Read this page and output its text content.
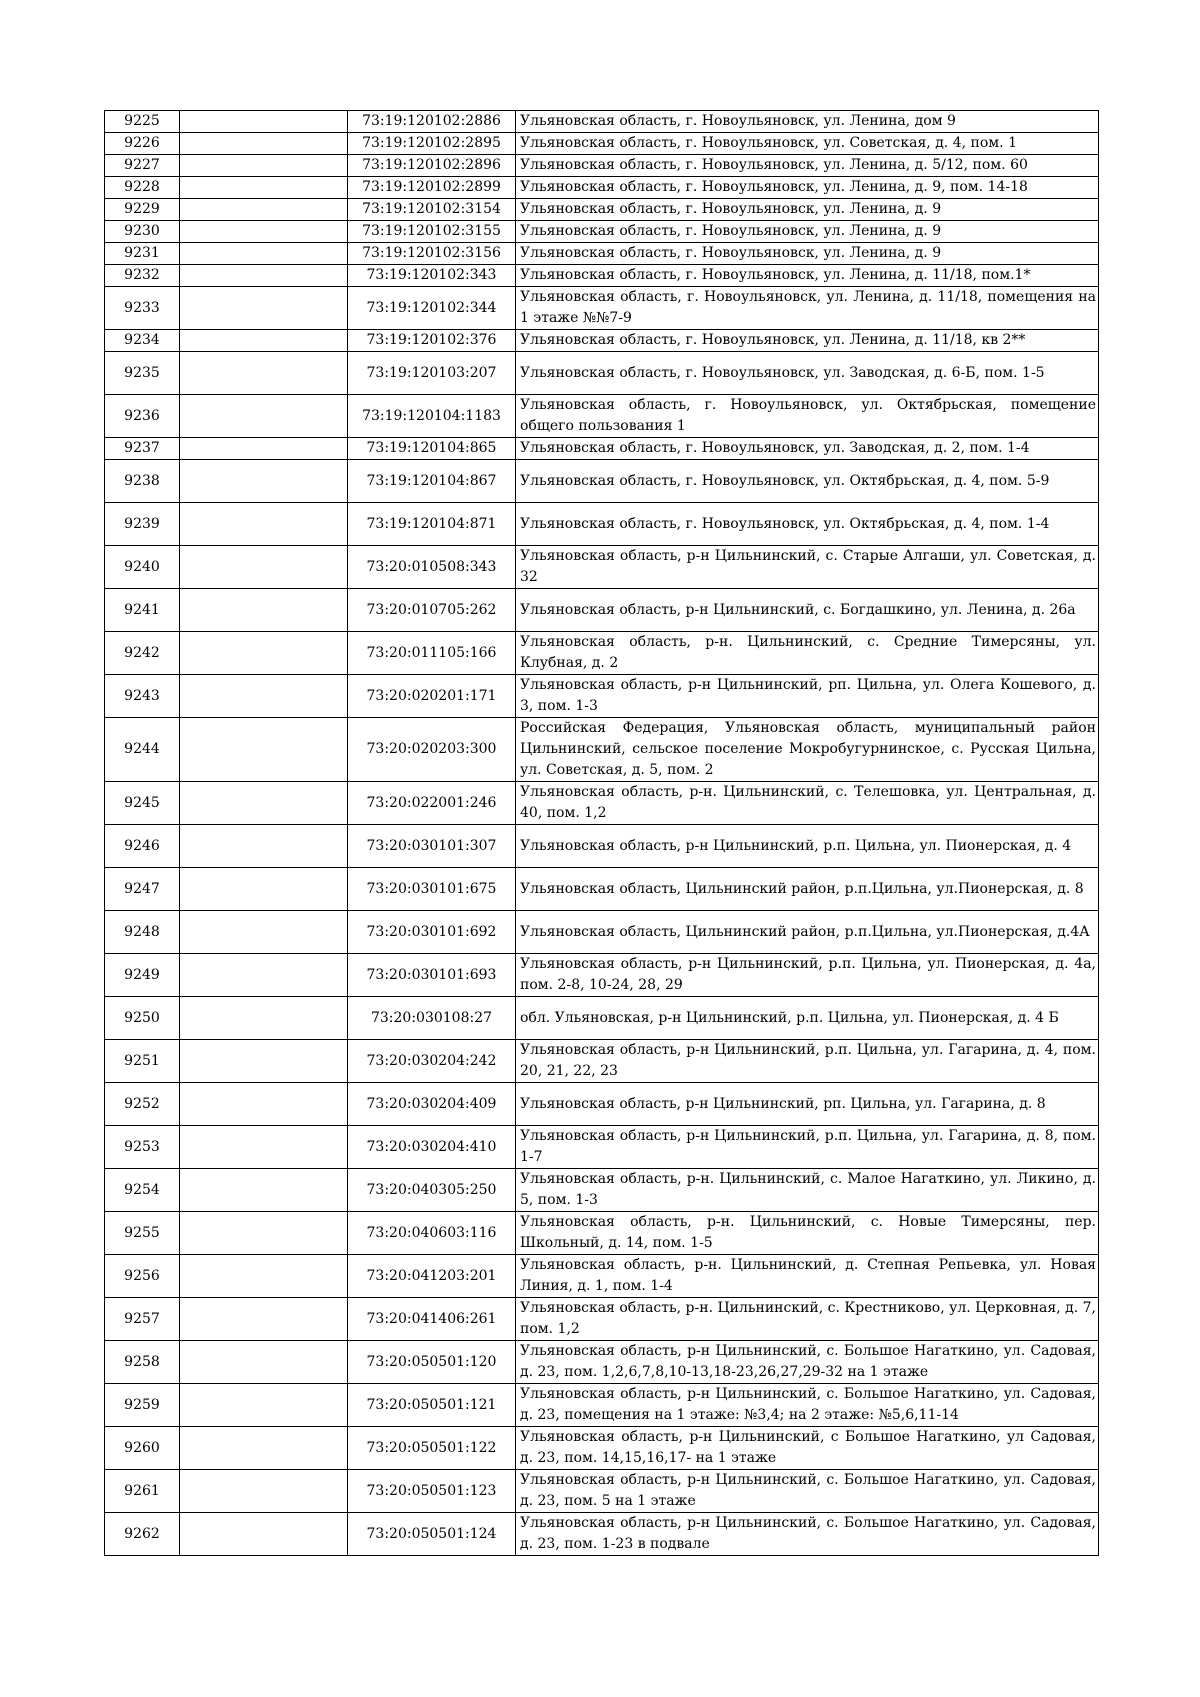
9225		73:19:120102:2886	Ульяновская область, г. Новоульяновск, ул. Ленина, дом 9
9226		73:19:120102:2895	Ульяновская область, г. Новоульяновск, ул. Советская, д. 4, пом. 1
9227		73:19:120102:2896	Ульяновская область, г. Новоульяновск, ул. Ленина, д. 5/12, пом. 60
9228		73:19:120102:2899	Ульяновская область, г. Новоульяновск, ул. Ленина, д. 9, пом. 14-18
9229		73:19:120102:3154	Ульяновская область, г. Новоульяновск, ул. Ленина, д. 9
9230		73:19:120102:3155	Ульяновская область, г. Новоульяновск, ул. Ленина, д. 9
9231		73:19:120102:3156	Ульяновская область, г. Новоульяновск, ул. Ленина, д. 9
9232		73:19:120102:343	Ульяновская область, г. Новоульяновск, ул. Ленина, д. 11/18, пом.1*
9233		73:19:120102:344	Ульяновская область, г. Новоульяновск, ул. Ленина, д. 11/18, помещения на 1 этаже №№7-9
9234		73:19:120102:376	Ульяновская область, г. Новоульяновск, ул. Ленина, д. 11/18, кв 2**
9235		73:19:120103:207	Ульяновская область, г. Новоульяновск, ул. Заводская, д. 6-Б, пом. 1-5
9236		73:19:120104:1183	Ульяновская область, г. Новоульяновск, ул. Октябрьская, помещение общего пользования 1
9237		73:19:120104:865	Ульяновская область, г. Новоульяновск, ул. Заводская, д. 2, пом. 1-4
9238		73:19:120104:867	Ульяновская область, г. Новоульяновск, ул. Октябрьская, д. 4, пом. 5-9
9239		73:19:120104:871	Ульяновская область, г. Новоульяновск, ул. Октябрьская, д. 4, пом. 1-4
9240		73:20:010508:343	Ульяновская область, р-н Цильнинский, с. Старые Алгаши, ул. Советская, д. 32
9241		73:20:010705:262	Ульяновская область, р-н Цильнинский, с. Богдашкино, ул. Ленина, д. 26а
9242		73:20:011105:166	Ульяновская область, р-н. Цильнинский, с. Средние Тимерсяны, ул. Клубная, д. 2
9243		73:20:020201:171	Ульяновская область, р-н Цильнинский, рп. Цильна, ул. Олега Кошевого, д. 3, пом. 1-3
9244		73:20:020203:300	Российская Федерация, Ульяновская область, муниципальный район Цильнинский, сельское поселение Мокробугурнинское, с. Русская Цильна, ул. Советская, д. 5, пом. 2
9245		73:20:022001:246	Ульяновская область, р-н. Цильнинский, с. Телешовка, ул. Центральная, д. 40, пом. 1,2
9246		73:20:030101:307	Ульяновская область, р-н Цильнинский, р.п. Цильна, ул. Пионерская, д. 4
9247		73:20:030101:675	Ульяновская область, Цильнинский район, р.п.Цильна, ул.Пионерская, д. 8
9248		73:20:030101:692	Ульяновская область, Цильнинский район, р.п.Цильна, ул.Пионерская, д.4А
9249		73:20:030101:693	Ульяновская область, р-н Цильнинский, р.п. Цильна, ул. Пионерская, д. 4а, пом. 2-8, 10-24, 28, 29
9250		73:20:030108:27	обл. Ульяновская, р-н Цильнинский, р.п. Цильна, ул. Пионерская, д. 4 Б
9251		73:20:030204:242	Ульяновская область, р-н Цильнинский, р.п. Цильна, ул. Гагарина, д. 4, пом. 20, 21, 22, 23
9252		73:20:030204:409	Ульяновская область, р-н Цильнинский, рп. Цильна, ул. Гагарина, д. 8
9253		73:20:030204:410	Ульяновская область, р-н Цильнинский, р.п. Цильна, ул. Гагарина, д. 8, пом. 1-7
9254		73:20:040305:250	Ульяновская область, р-н. Цильнинский, с. Малое Нагаткино, ул. Ликино, д. 5, пом. 1-3
9255		73:20:040603:116	Ульяновская область, р-н. Цильнинский, с. Новые Тимерсяны, пер. Школьный, д. 14, пом. 1-5
9256		73:20:041203:201	Ульяновская область, р-н. Цильнинский, д. Степная Репьевка, ул. Новая Линия, д. 1, пом. 1-4
9257		73:20:041406:261	Ульяновская область, р-н. Цильнинский, с. Крестниково, ул. Церковная, д. 7, пом. 1,2
9258		73:20:050501:120	Ульяновская область, р-н Цильнинский, с. Большое Нагаткино, ул. Садовая, д. 23, пом. 1,2,6,7,8,10-13,18-23,26,27,29-32 на 1 этаже
9259		73:20:050501:121	Ульяновская область, р-н Цильнинский, с. Большое Нагаткино, ул. Садовая, д. 23, помещения на 1 этаже: №3,4; на 2 этаже: №5,6,11-14
9260		73:20:050501:122	Ульяновская область, р-н Цильнинский, с Большое Нагаткино, ул Садовая, д. 23, пом. 14,15,16,17- на 1 этаже
9261		73:20:050501:123	Ульяновская область, р-н Цильнинский, с. Большое Нагаткино, ул. Садовая, д. 23, пом. 5 на 1 этаже
9262		73:20:050501:124	Ульяновская область, р-н Цильнинский, с. Большое Нагаткино, ул. Садовая, д. 23, пом. 1-23 в подвале
